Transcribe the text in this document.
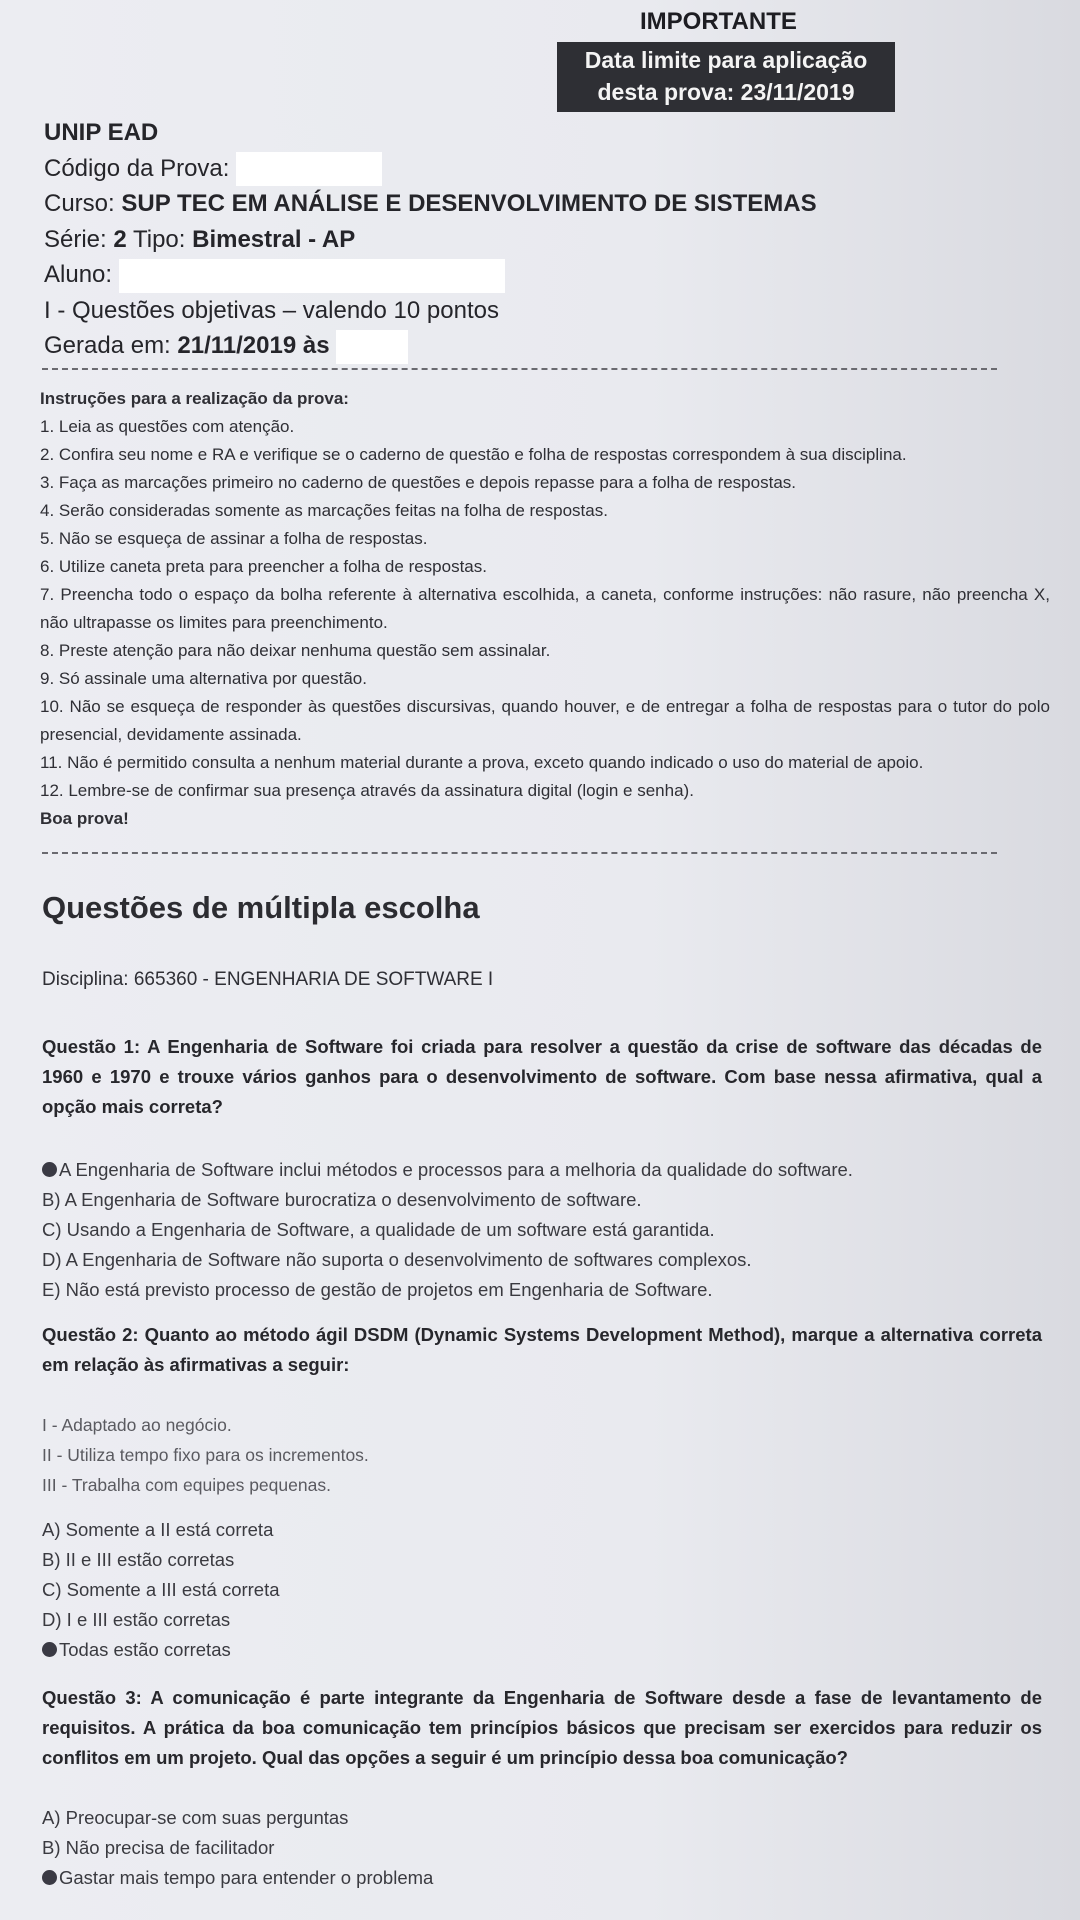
IMPORTANTE
Data limite para aplicação
desta prova: 23/11/2019
UNIP EAD
Código da Prova:
Curso: SUP TEC EM ANÁLISE E DESENVOLVIMENTO DE SISTEMAS
Série: 2 Tipo: Bimestral - AP
Aluno:
I - Questões objetivas – valendo 10 pontos
Gerada em: 21/11/2019 às
Instruções para a realização da prova:
1. Leia as questões com atenção.
2. Confira seu nome e RA e verifique se o caderno de questão e folha de respostas correspondem à sua disciplina.
3. Faça as marcações primeiro no caderno de questões e depois repasse para a folha de respostas.
4. Serão consideradas somente as marcações feitas na folha de respostas.
5. Não se esqueça de assinar a folha de respostas.
6. Utilize caneta preta para preencher a folha de respostas.
7. Preencha todo o espaço da bolha referente à alternativa escolhida, a caneta, conforme instruções: não rasure, não preencha X, não ultrapasse os limites para preenchimento.
8. Preste atenção para não deixar nenhuma questão sem assinalar.
9. Só assinale uma alternativa por questão.
10. Não se esqueça de responder às questões discursivas, quando houver, e de entregar a folha de respostas para o tutor do polo presencial, devidamente assinada.
11. Não é permitido consulta a nenhum material durante a prova, exceto quando indicado o uso do material de apoio.
12. Lembre-se de confirmar sua presença através da assinatura digital (login e senha).
Boa prova!
Questões de múltipla escolha
Disciplina: 665360 - ENGENHARIA DE SOFTWARE I
Questão 1: A Engenharia de Software foi criada para resolver a questão da crise de software das décadas de 1960 e 1970 e trouxe vários ganhos para o desenvolvimento de software. Com base nessa afirmativa, qual a opção mais correta?
A Engenharia de Software inclui métodos e processos para a melhoria da qualidade do software.
B) A Engenharia de Software burocratiza o desenvolvimento de software.
C) Usando a Engenharia de Software, a qualidade de um software está garantida.
D) A Engenharia de Software não suporta o desenvolvimento de softwares complexos.
E) Não está previsto processo de gestão de projetos em Engenharia de Software.
Questão 2: Quanto ao método ágil DSDM (Dynamic Systems Development Method), marque a alternativa correta em relação às afirmativas a seguir:
I - Adaptado ao negócio.
II - Utiliza tempo fixo para os incrementos.
III - Trabalha com equipes pequenas.
A) Somente a II está correta
B) II e III estão corretas
C) Somente a III está correta
D) I e III estão corretas
Todas estão corretas
Questão 3: A comunicação é parte integrante da Engenharia de Software desde a fase de levantamento de requisitos. A prática da boa comunicação tem princípios básicos que precisam ser exercidos para reduzir os conflitos em um projeto. Qual das opções a seguir é um princípio dessa boa comunicação?
A) Preocupar-se com suas perguntas
B) Não precisa de facilitador
Gastar mais tempo para entender o problema
